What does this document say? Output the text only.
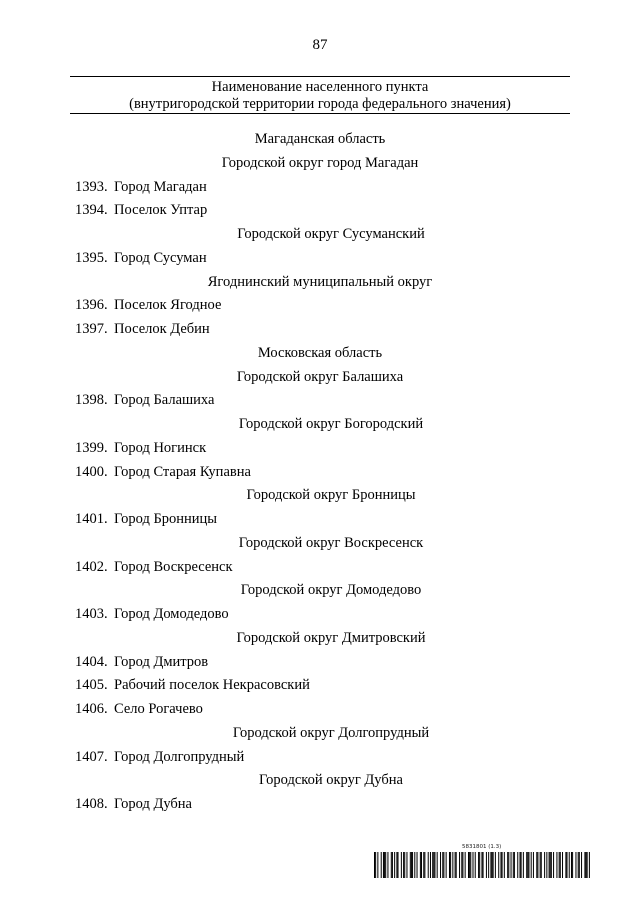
87
Наименование населенного пункта
(внутригородской территории города федерального значения)
Магаданская область
Городской округ город Магадан
1393. Город Магадан
1394. Поселок Уптар
Городской округ Сусуманский
1395. Город Сусуман
Ягоднинский муниципальный округ
1396. Поселок Ягодное
1397. Поселок Дебин
Московская область
Городской округ Балашиха
1398. Город Балашиха
Городской округ Богородский
1399. Город Ногинск
1400. Город Старая Купавна
Городской округ Бронницы
1401. Город Бронницы
Городской округ Воскресенск
1402. Город Воскресенск
Городской округ Домодедово
1403. Город Домодедово
Городской округ Дмитровский
1404. Город Дмитров
1405. Рабочий поселок Некрасовский
1406. Село Рогачево
Городской округ Долгопрудный
1407. Город Долгопрудный
Городской округ Дубна
1408. Город Дубна
5831801 (1.3)
